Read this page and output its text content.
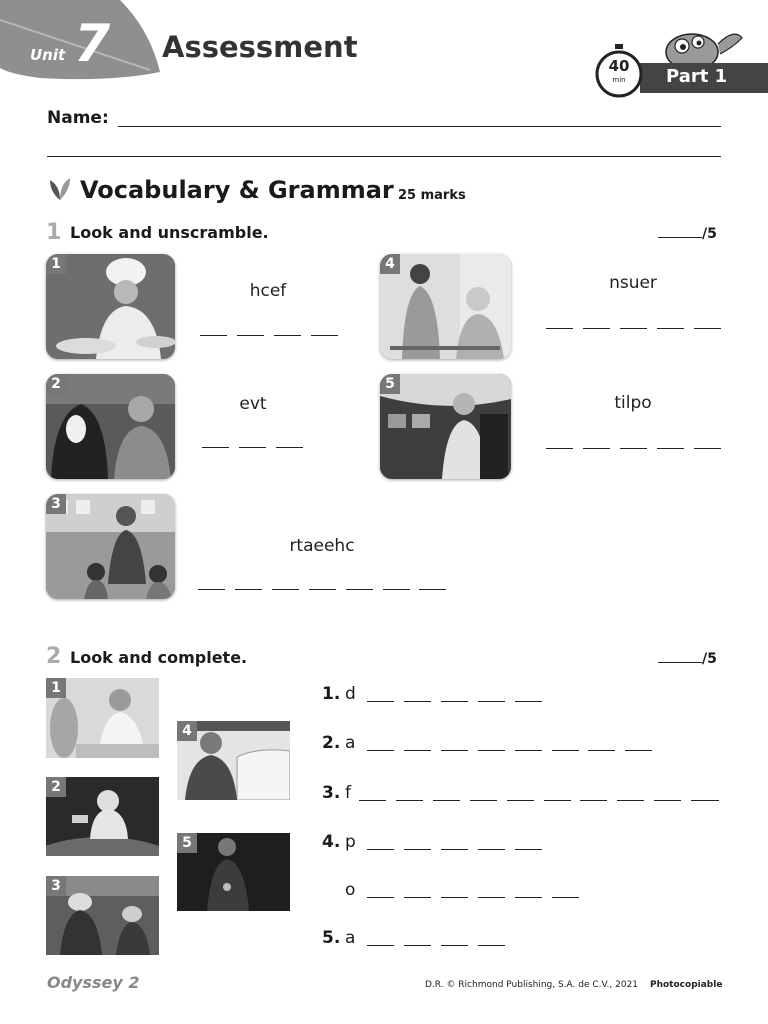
Unit 7 Assessment
Part 1
40
min
Name:
Vocabulary & Grammar 25 marks
1 Look and unscramble.	/5
1
hcef
2
evt
3
rtaeehc
4
nsuer
5
tilpo
2 Look and complete.	/5
1
2
3
4
5
1. d
2. a
3. f
4. p
o
5. a
Odyssey 2	D.R. © Richmond Publishing, S.A. de C.V., 2021 Photocopiable
